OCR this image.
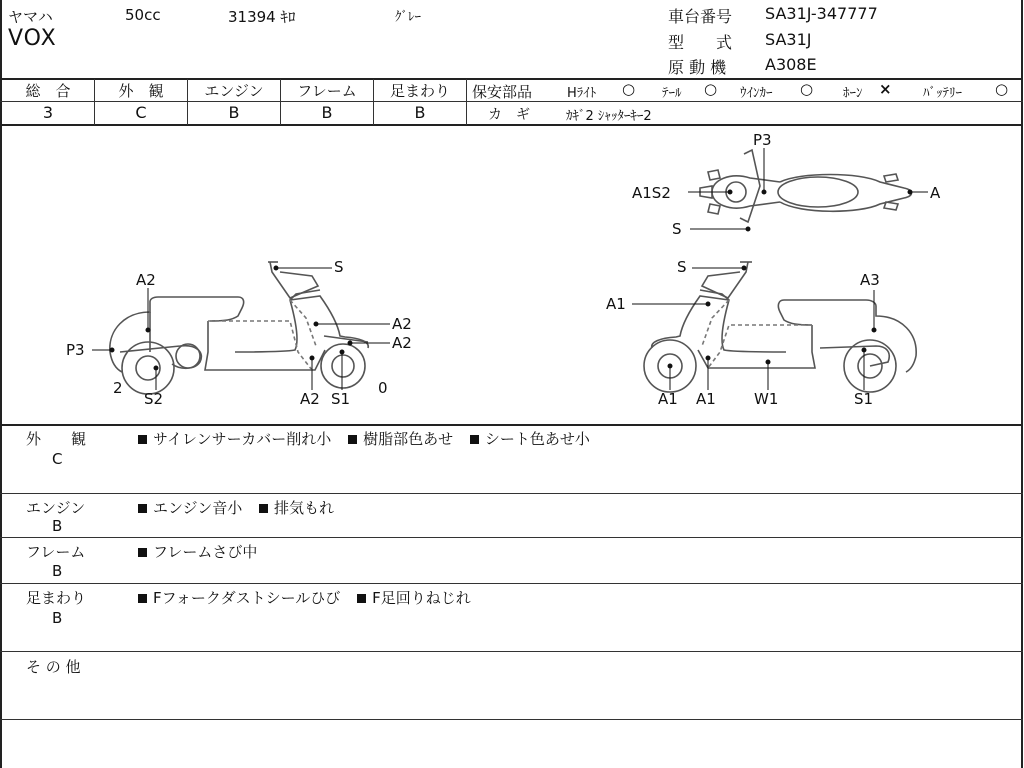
ヤマハ	50cc	31394 ｷﾛ	ｸﾞﾚｰ
VOX
車台番号 SA31J-347777
型　　式 SA31J
原 動 機 A308E
総　合
3
外　観
C
エンジン
B
フレーム
B
足まわり
B
保安部品	Hﾗｲﾄ ○ ﾃｰﾙ ○ ｳｲﾝｶｰ ○ ﾎｰﾝ × ﾊﾞｯﾃﾘｰ ○
カ　ギ	ｶｷﾞ2 ｼｬｯﾀｰｷｰ2
A2
S
A2
A2
P3
2
S2	A2 S1
0
P3
A1S2	A
S
S
A3
A1
A1 A1	W1	S1
外　　観
C
サイレンサーカバー削れ小 樹脂部色あせ シート色あせ小
エンジン
B
エンジン音小 排気もれ
フレーム
B
フレームさび中
足まわり
B
Fフォークダストシールひび F足回りねじれ
そ の 他
